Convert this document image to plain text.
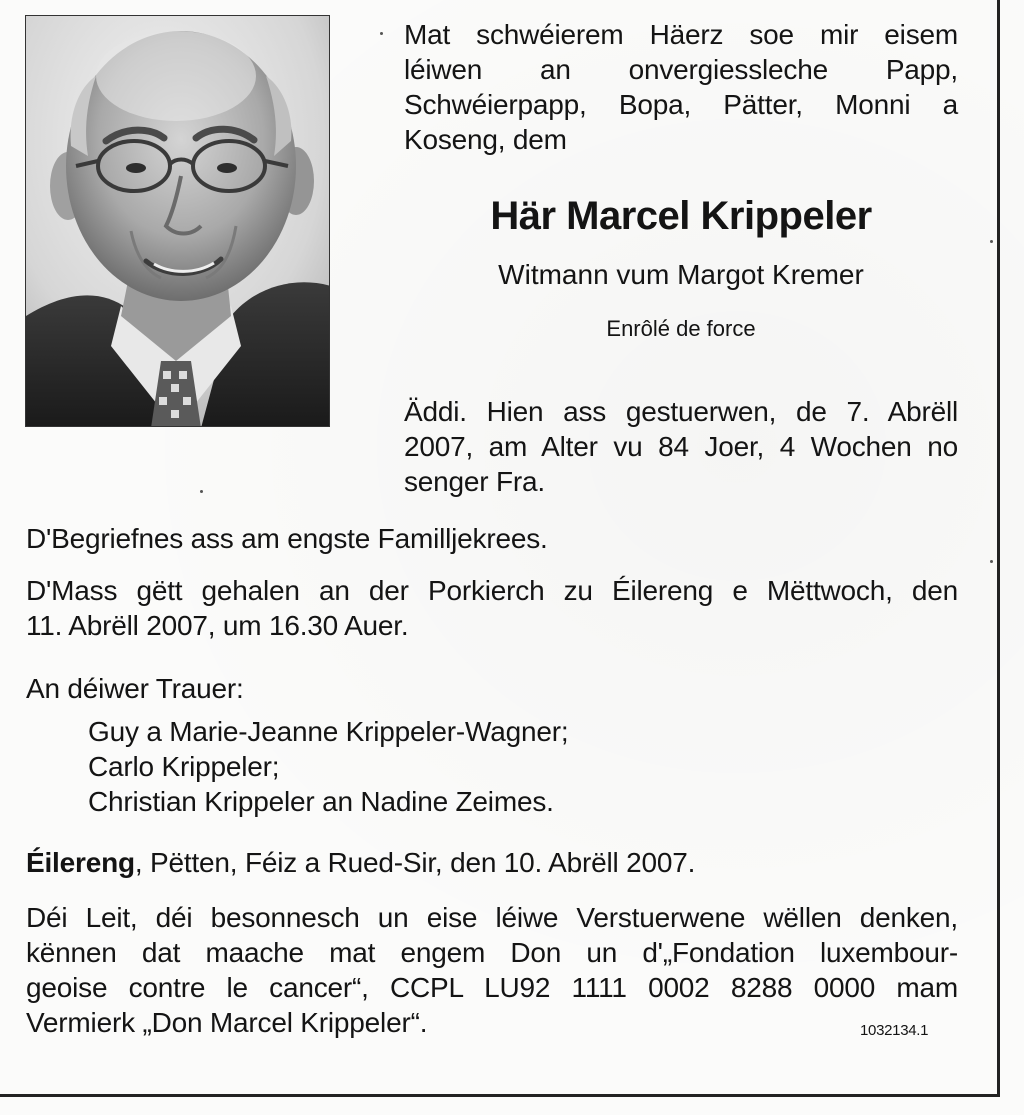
Mat schwéierem Häerz soe mir eisem
léiwen an onvergiessleche Papp,
Schwéierpapp, Bopa, Pätter, Monni a
Koseng, dem
Här Marcel Krippeler
Witmann vum Margot Kremer
Enrôlé de force
Äddi. Hien ass gestuerwen, de 7. Abrëll
2007, am Alter vu 84 Joer, 4 Wochen no
senger Fra.
D'Begriefnes ass am engste Familljekrees.
D'Mass gëtt gehalen an der Porkierch zu Éilereng e Mëttwoch, den
11. Abrëll 2007, um 16.30 Auer.
An déiwer Trauer:
Guy a Marie-Jeanne Krippeler-Wagner;
Carlo Krippeler;
Christian Krippeler an Nadine Zeimes.
Éilereng, Pëtten, Féiz a Rued-Sir, den 10. Abrëll 2007.
Déi Leit, déi besonnesch un eise léiwe Verstuerwene wëllen denken,
kënnen dat maache mat engem Don un d'„Fondation luxembour-
geoise contre le cancer“, CCPL LU92 1111 0002 8288 0000 mam
Vermierk „Don Marcel Krippeler“.	1032134.1
